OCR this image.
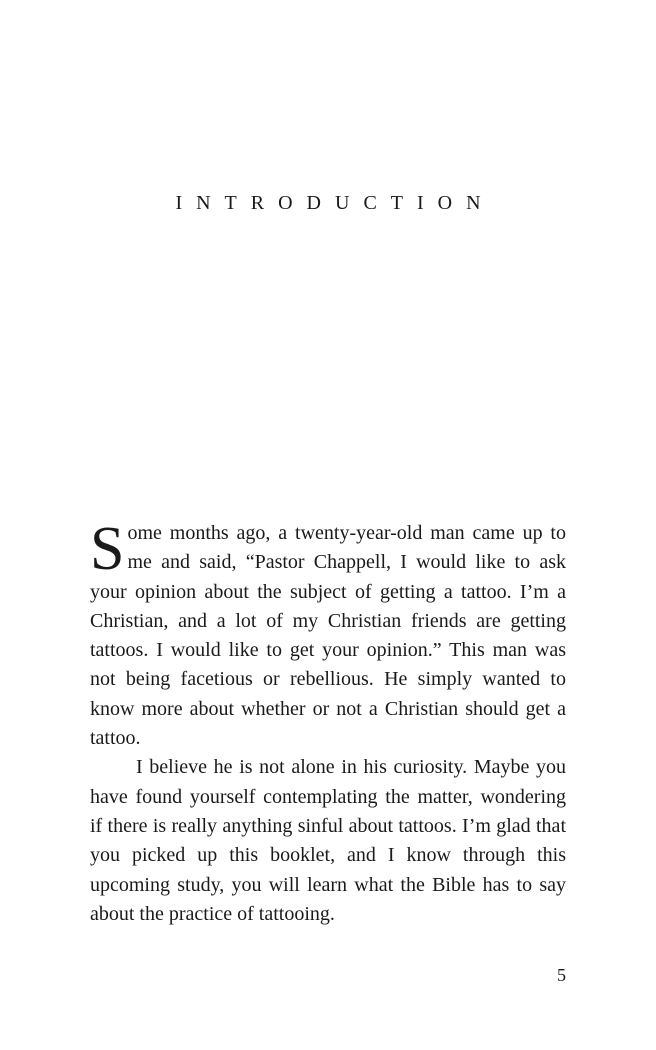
INTRODUCTION

Some months ago, a twenty-year-old man came up to me and said, “Pastor Chappell, I would like to ask your opinion about the subject of getting a tattoo. I’m a Christian, and a lot of my Christian friends are getting tattoos. I would like to get your opinion.” This man was not being facetious or rebellious. He simply wanted to know more about whether or not a Christian should get a tattoo.

I believe he is not alone in his curiosity. Maybe you have found yourself contemplating the matter, wondering if there is really anything sinful about tattoos. I’m glad that you picked up this booklet, and I know through this upcoming study, you will learn what the Bible has to say about the practice of tattooing.

5
